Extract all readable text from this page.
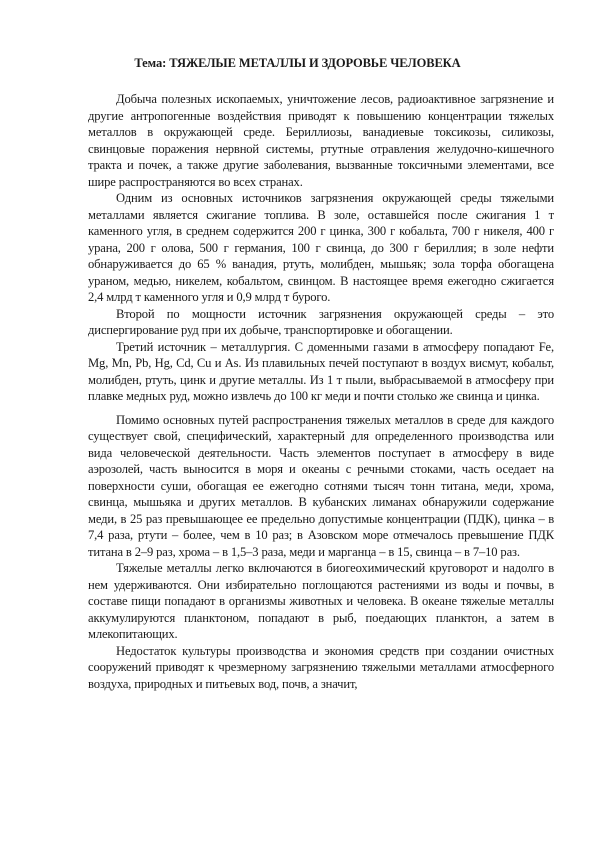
Тема: ТЯЖЕЛЫЕ МЕТАЛЛЫ И ЗДОРОВЬЕ ЧЕЛОВЕКА

Добыча полезных ископаемых, уничтожение лесов, радиоактивное загрязнение и другие антропогенные воздействия приводят к повышению концентрации тяжелых металлов в окружающей среде. Бериллиозы, ванадиевые токсикозы, силикозы, свинцовые поражения нервной системы, ртутные отравления желудочно-кишечного тракта и почек, а также другие заболевания, вызванные токсичными элементами, все шире распространяются во всех странах.

Одним из основных источников загрязнения окружающей среды тяжелыми металлами является сжигание топлива. В золе, оставшейся после сжигания 1 т каменного угля, в среднем содержится 200 г цинка, 300 г кобальта, 700 г никеля, 400 г урана, 200 г олова, 500 г германия, 100 г свинца, до 300 г бериллия; в золе нефти обнаруживается до 65 % ванадия, ртуть, молибден, мышьяк; зола торфа обогащена ураном, медью, никелем, кобальтом, свинцом. В настоящее время ежегодно сжигается 2,4 млрд т каменного угля и 0,9 млрд т бурого.

Второй по мощности источник загрязнения окружающей среды – это диспергирование руд при их добыче, транспортировке и обогащении.

Третий источник – металлургия. С доменными газами в атмосферу попадают Fe, Mg, Mn, Pb, Hg, Cd, Cu и As. Из плавильных печей поступают в воздух висмут, кобальт, молибден, ртуть, цинк и другие металлы. Из 1 т пыли, выбрасываемой в атмосферу при плавке медных руд, можно извлечь до 100 кг меди и почти столько же свинца и цинка.

Помимо основных путей распространения тяжелых металлов в среде для каждого существует свой, специфический, характерный для определенного производства или вида человеческой деятельности. Часть элементов поступает в атмосферу в виде аэрозолей, часть выносится в моря и океаны с речными стоками, часть оседает на поверхности суши, обогащая ее ежегодно сотнями тысяч тонн титана, меди, хрома, свинца, мышьяка и других металлов. В кубанских лиманах обнаружили содержание меди, в 25 раз превышающее ее предельно допустимые концентрации (ПДК), цинка – в 7,4 раза, ртути – более, чем в 10 раз; в Азовском море отмечалось превышение ПДК титана в 2–9 раз, хрома – в 1,5–3 раза, меди и марганца – в 15, свинца – в 7–10 раз.

Тяжелые металлы легко включаются в биогеохимический круговорот и надолго в нем удерживаются. Они избирательно поглощаются растениями из воды и почвы, в составе пищи попадают в организмы животных и человека. В океане тяжелые металлы аккумулируются планктоном, попадают в рыб, поедающих планктон, а затем в млекопитающих.

Недостаток культуры производства и экономия средств при создании очистных сооружений приводят к чрезмерному загрязнению тяжелыми металлами атмосферного воздуха, природных и питьевых вод, почв, а значит,
